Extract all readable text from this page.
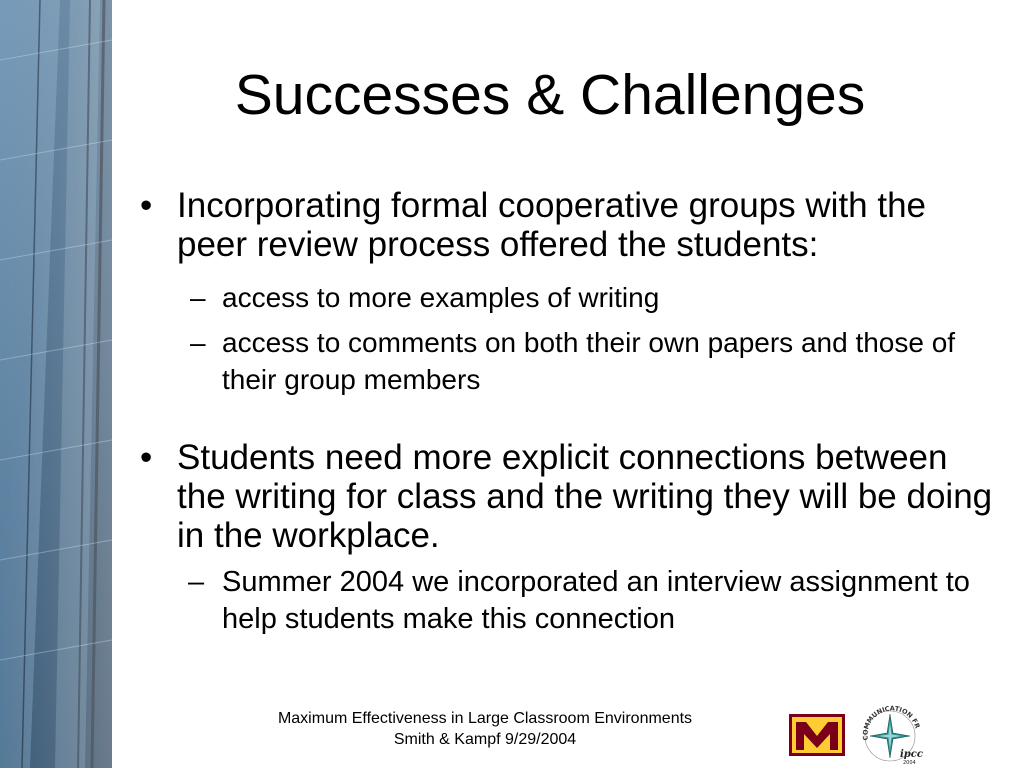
Successes & Challenges
• Incorporating formal cooperative groups with the peer review process offered the students:
– access to more examples of writing
– access to comments on both their own papers and those of their group members
• Students need more explicit connections between the writing for class and the writing they will be doing in the workplace.
– Summer 2004 we incorporated an interview assignment to help students make this connection
Maximum Effectiveness in Large Classroom Environments
Smith & Kampf 9/29/2004	COMMUNICATION FR
ipcc
2004
